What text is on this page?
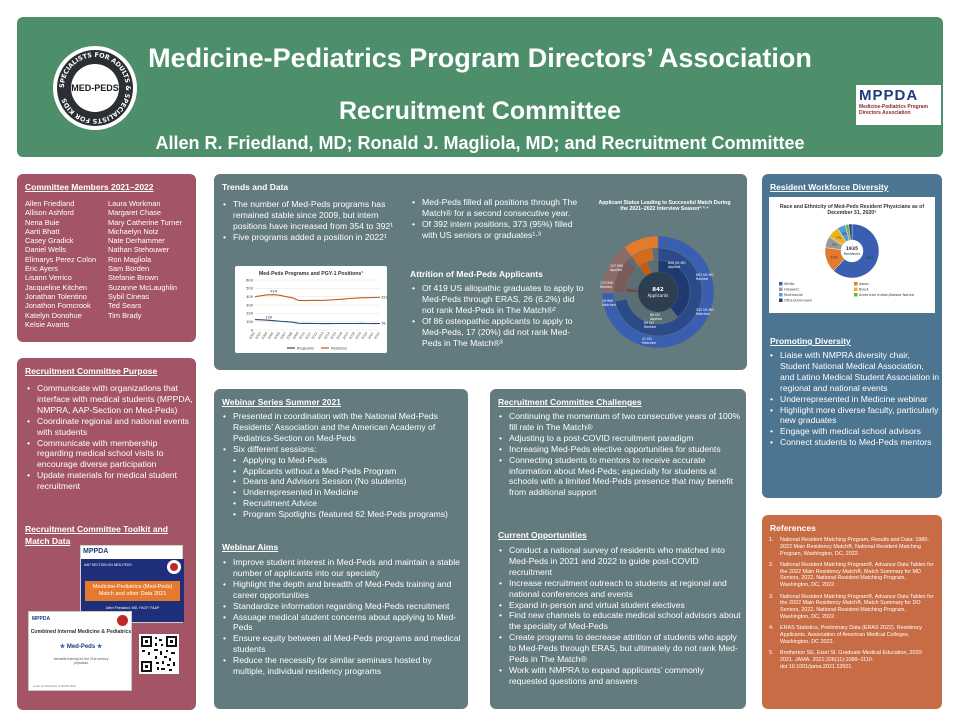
SPECIALISTS FOR ADULTS & SPECIALISTS FOR KIDS
MED-PEDS
Medicine-Pediatrics Program Directors’ Association
Recruitment Committee
Allen R. Friedland, MD; Ronald J. Magliola, MD; and Recruitment Committee
MPPDA
Medicine-Pediatrics Program Directors Association
Committee Members 2021–2022
Allen Friedland
Allison Ashford
Nena Buie
Aarti Bhatt
Casey Gradick
Daniel Wells
Elimarys Perez Colon
Eric Ayers
Lisann Verrico
Jacqueline Kitchen
Jonathan Tolentino
Jonathon Forncrook
Katelyn Donohue
Kelsie Avants
Laura Workman
Margaret Chase
Mary Catherine Turner
Michaelyn Notz
Nate Derhammer
Nathan Stehouwer
Ron Magliola
Sam Borden
Stefanie Brown
Suzanne McLaughlin
Sybil Cineas
Ted Sears
Tim Brady
Recruitment Committee Purpose
• Communicate with organizations that interface with medical students (MPPDA, NMPRA, AAP-Section on Med-Peds)
• Coordinate regional and national events with students
• Communicate with membership regarding medical school visits to encourage diverse participation
• Update materials for medical student recruitment
Recruitment Committee Toolkit and Match Data
MPPDA
AAP SECTION ON MED-PEDS
Medicine-Pediatrics (Med-Peds) Match and other Data 2021
Allen Friedland, MD, FACP, FAAP
MPPDA
Combined Internal Medicine & Pediatrics
★ Med-Peds ★
Versatile training for the 21st century physician
Letter by Med-Peds & MCPD 2021
Trends and Data
• The number of Med-Peds programs has remained stable since 2009, but intern positions have increased from 354 to 392¹
• Five programs added a position in 2022¹
Med-Peds Programs and PGY-1 Positions¹
0
100
200
300
400
500
600
2002
2003
2004
2005
2006
2007
2008
2009
2010
2011
2012
2013
2014
2015
2016
2017
2018
2019
2020
2021
2022
424
392
130
78
Programs	Positions
• Med-Peds filled all positions through The Match® for a second consecutive year.
• Of 392 intern positions, 373 (95%) filled with US seniors or graduates¹·³
Attrition of Med-Peds Applicants
• Of 419 US allopathic graduates to apply to Med-Peds through ERAS, 26 (6.2%) did not rank Med-Peds in The Match®²
• Of 86 osteopathic applicants to apply to Med-Peds, 17 (20%) did not rank Med-Peds in The Match®³
Applicant Status Leading to Successful Match During the 2021–2022 Interview Season²·³·⁴
842
Applicants
629 US MD Applied
603 US MD Ranked
332 US MD Matched
127 IMG Applied
113 IMG Ranked
19 IMG Matched
86 DO Applied
69 DO Ranked
41 DO Matched
Webinar Series Summer 2021
• Presented in coordination with the National Med-Peds Residents’ Association and the American Academy of Pediatrics-Section on Med-Peds
• Six different sessions:
• Applying to Med-Peds
• Applicants without a Med-Peds Program
• Deans and Advisors Session (No students)
• Underrepresented in Medicine
• Recruitment Advice
• Program Spotlights (featured 62 Med-Peds programs)
Webinar Aims
• Improve student interest in Med-Peds and maintain a stable number of applicants into our specialty
• Highlight the depth and breadth of Med-Peds training and career opportunities
• Standardize information regarding Med-Peds recruitment
• Assuage medical student concerns about applying to Med-Peds
• Ensure equity between all Med-Peds programs and medical students
• Reduce the necessity for similar seminars hosted by multiple, individual residency programs
Recruitment Committee Challenges
• Continuing the momentum of two consecutive years of 100% fill rate in The Match®
• Adjusting to a post-COVID recruitment paradigm
• Increasing Med-Peds elective opportunities for students
• Connecting students to mentors to receive accurate information about Med-Peds; especially for students at schools with a limited Med-Peds presence that may benefit from additional support
Current Opportunities
• Conduct a national survey of residents who matched into Med-Peds in 2021 and 2022 to guide post-COVID recruitment
• Increase recruitment outreach to students at regional and national conferences and events
• Expand in-person and virtual student electives
• Find new channels to educate medical school advisors about the specialty of Med-Peds
• Create programs to decrease attrition of students who apply to Med-Peds through ERAS, but ultimately do not rank Med-Peds in The Match®
• Work with NMPRA to expand applicants’ commonly requested questions and answers
Resident Workforce Diversity
Race and Ethnicity of Med-Peds Resident Physicians as of December 31, 2020⁵
62%
15%
7%
7%
5%
1935
Residents
White	Asian
Hispanic	Black
Multiracial	American Indian/Alaska Native
Other/Unknown
Promoting Diversity
• Liaise with NMPRA diversity chair, Student National Medical Association, and Latino Medical Student Association in regional and national events
• Underrepresented in Medicine webinar
• Highlight more diverse faculty, particularly new graduates
• Engage with medical school advisors
• Connect students to Med-Peds mentors
References
1. National Resident Matching Program, Results and Data: 1980-2022 Main Residency Match®, National Resident Matching Program, Washington, DC, 2022.
2. National Resident Matching Program®, Advance Data Tables for the 2022 Main Residency Match®, Match Summary for MD Seniors, 2022. National Resident Matching Program, Washington, DC, 2022.
3. National Resident Matching Program®, Advance Data Tables for the 2022 Main Residency Match®, Match Summary for DO Seniors, 2022. National Resident Matching Program, Washington, DC, 2022.
4. ERAS Statistics, Preliminary Data (ERAS 2022). Residency Applicants. Association of American Medical Colleges, Washington, DC 2022.
5. Brotherton SE, Etzel SI. Graduate Medical Education, 2020-2021. JAMA. 2021;326(11):1088–1110. doi:10.1001/jama.2021.13501.
